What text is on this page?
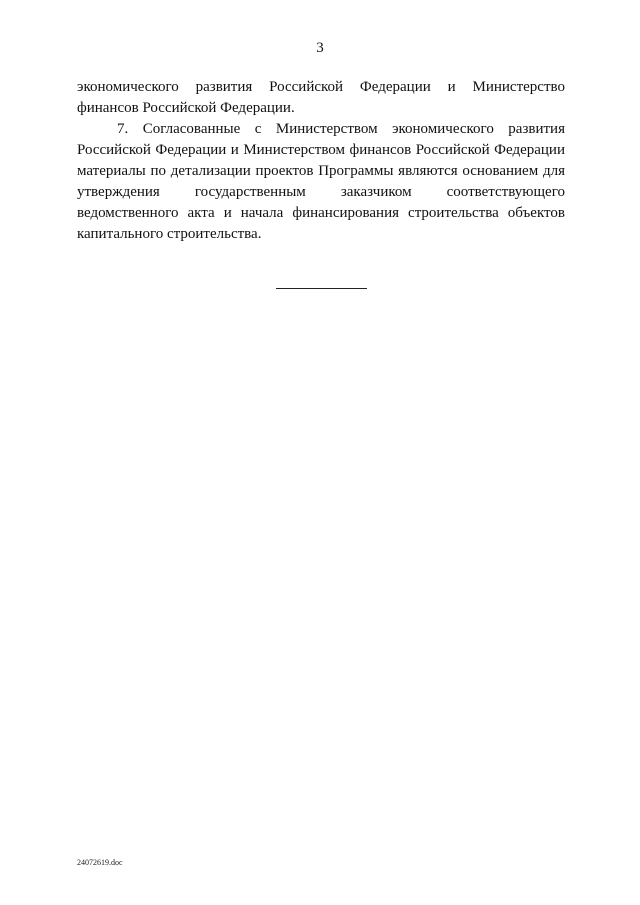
3

экономического развития Российской Федерации и Министерство
финансов Российской Федерации.

7. Согласованные с Министерством экономического развития
Российской Федерации и Министерством финансов Российской Федерации
материалы по детализации проектов Программы являются основанием для
утверждения государственным заказчиком соответствующего
ведомственного акта и начала финансирования строительства объектов
капитального строительства.

24072619.doc
